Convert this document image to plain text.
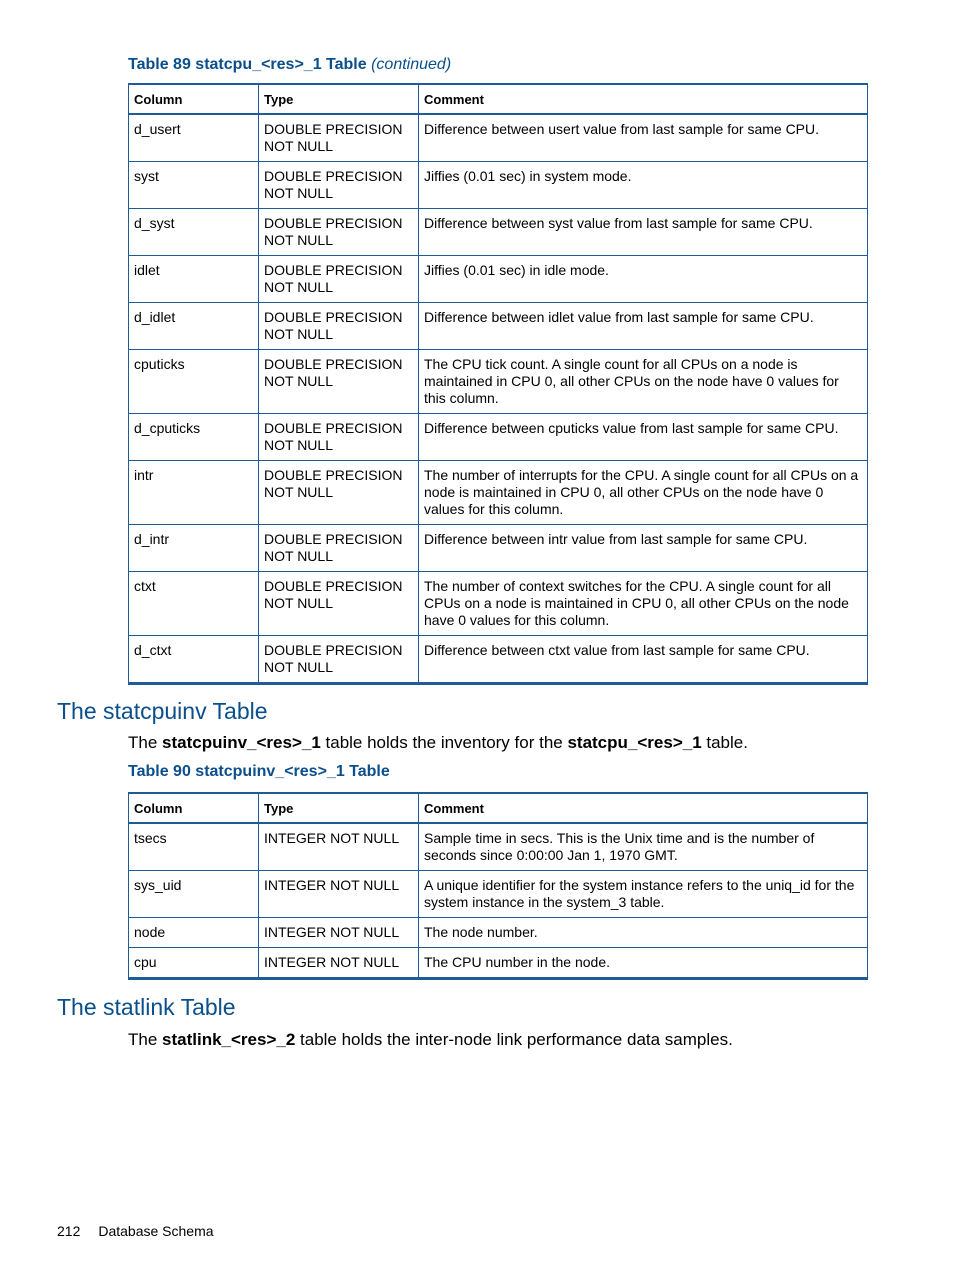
Table 89 statcpu_<res>_1 Table (continued)
Column	Type	Comment
d_usert	DOUBLE PRECISION NOT NULL	Difference between usert value from last sample for same CPU.
syst	DOUBLE PRECISION NOT NULL	Jiffies (0.01 sec) in system mode.
d_syst	DOUBLE PRECISION NOT NULL	Difference between syst value from last sample for same CPU.
idlet	DOUBLE PRECISION NOT NULL	Jiffies (0.01 sec) in idle mode.
d_idlet	DOUBLE PRECISION NOT NULL	Difference between idlet value from last sample for same CPU.
cputicks	DOUBLE PRECISION NOT NULL	The CPU tick count. A single count for all CPUs on a node is maintained in CPU 0, all other CPUs on the node have 0 values for this column.
d_cputicks	DOUBLE PRECISION NOT NULL	Difference between cputicks value from last sample for same CPU.
intr	DOUBLE PRECISION NOT NULL	The number of interrupts for the CPU. A single count for all CPUs on a node is maintained in CPU 0, all other CPUs on the node have 0 values for this column.
d_intr	DOUBLE PRECISION NOT NULL	Difference between intr value from last sample for same CPU.
ctxt	DOUBLE PRECISION NOT NULL	The number of context switches for the CPU. A single count for all CPUs on a node is maintained in CPU 0, all other CPUs on the node have 0 values for this column.
d_ctxt	DOUBLE PRECISION NOT NULL	Difference between ctxt value from last sample for same CPU.
The statcpuinv Table
The statcpuinv_<res>_1 table holds the inventory for the statcpu_<res>_1 table.
Table 90 statcpuinv_<res>_1 Table
Column	Type	Comment
tsecs	INTEGER NOT NULL	Sample time in secs. This is the Unix time and is the number of seconds since 0:00:00 Jan 1, 1970 GMT.
sys_uid	INTEGER NOT NULL	A unique identifier for the system instance refers to the uniq_id for the system instance in the system_3 table.
node	INTEGER NOT NULL	The node number.
cpu	INTEGER NOT NULL	The CPU number in the node.
The statlink Table
The statlink_<res>_2 table holds the inter-node link performance data samples.
212 Database Schema
